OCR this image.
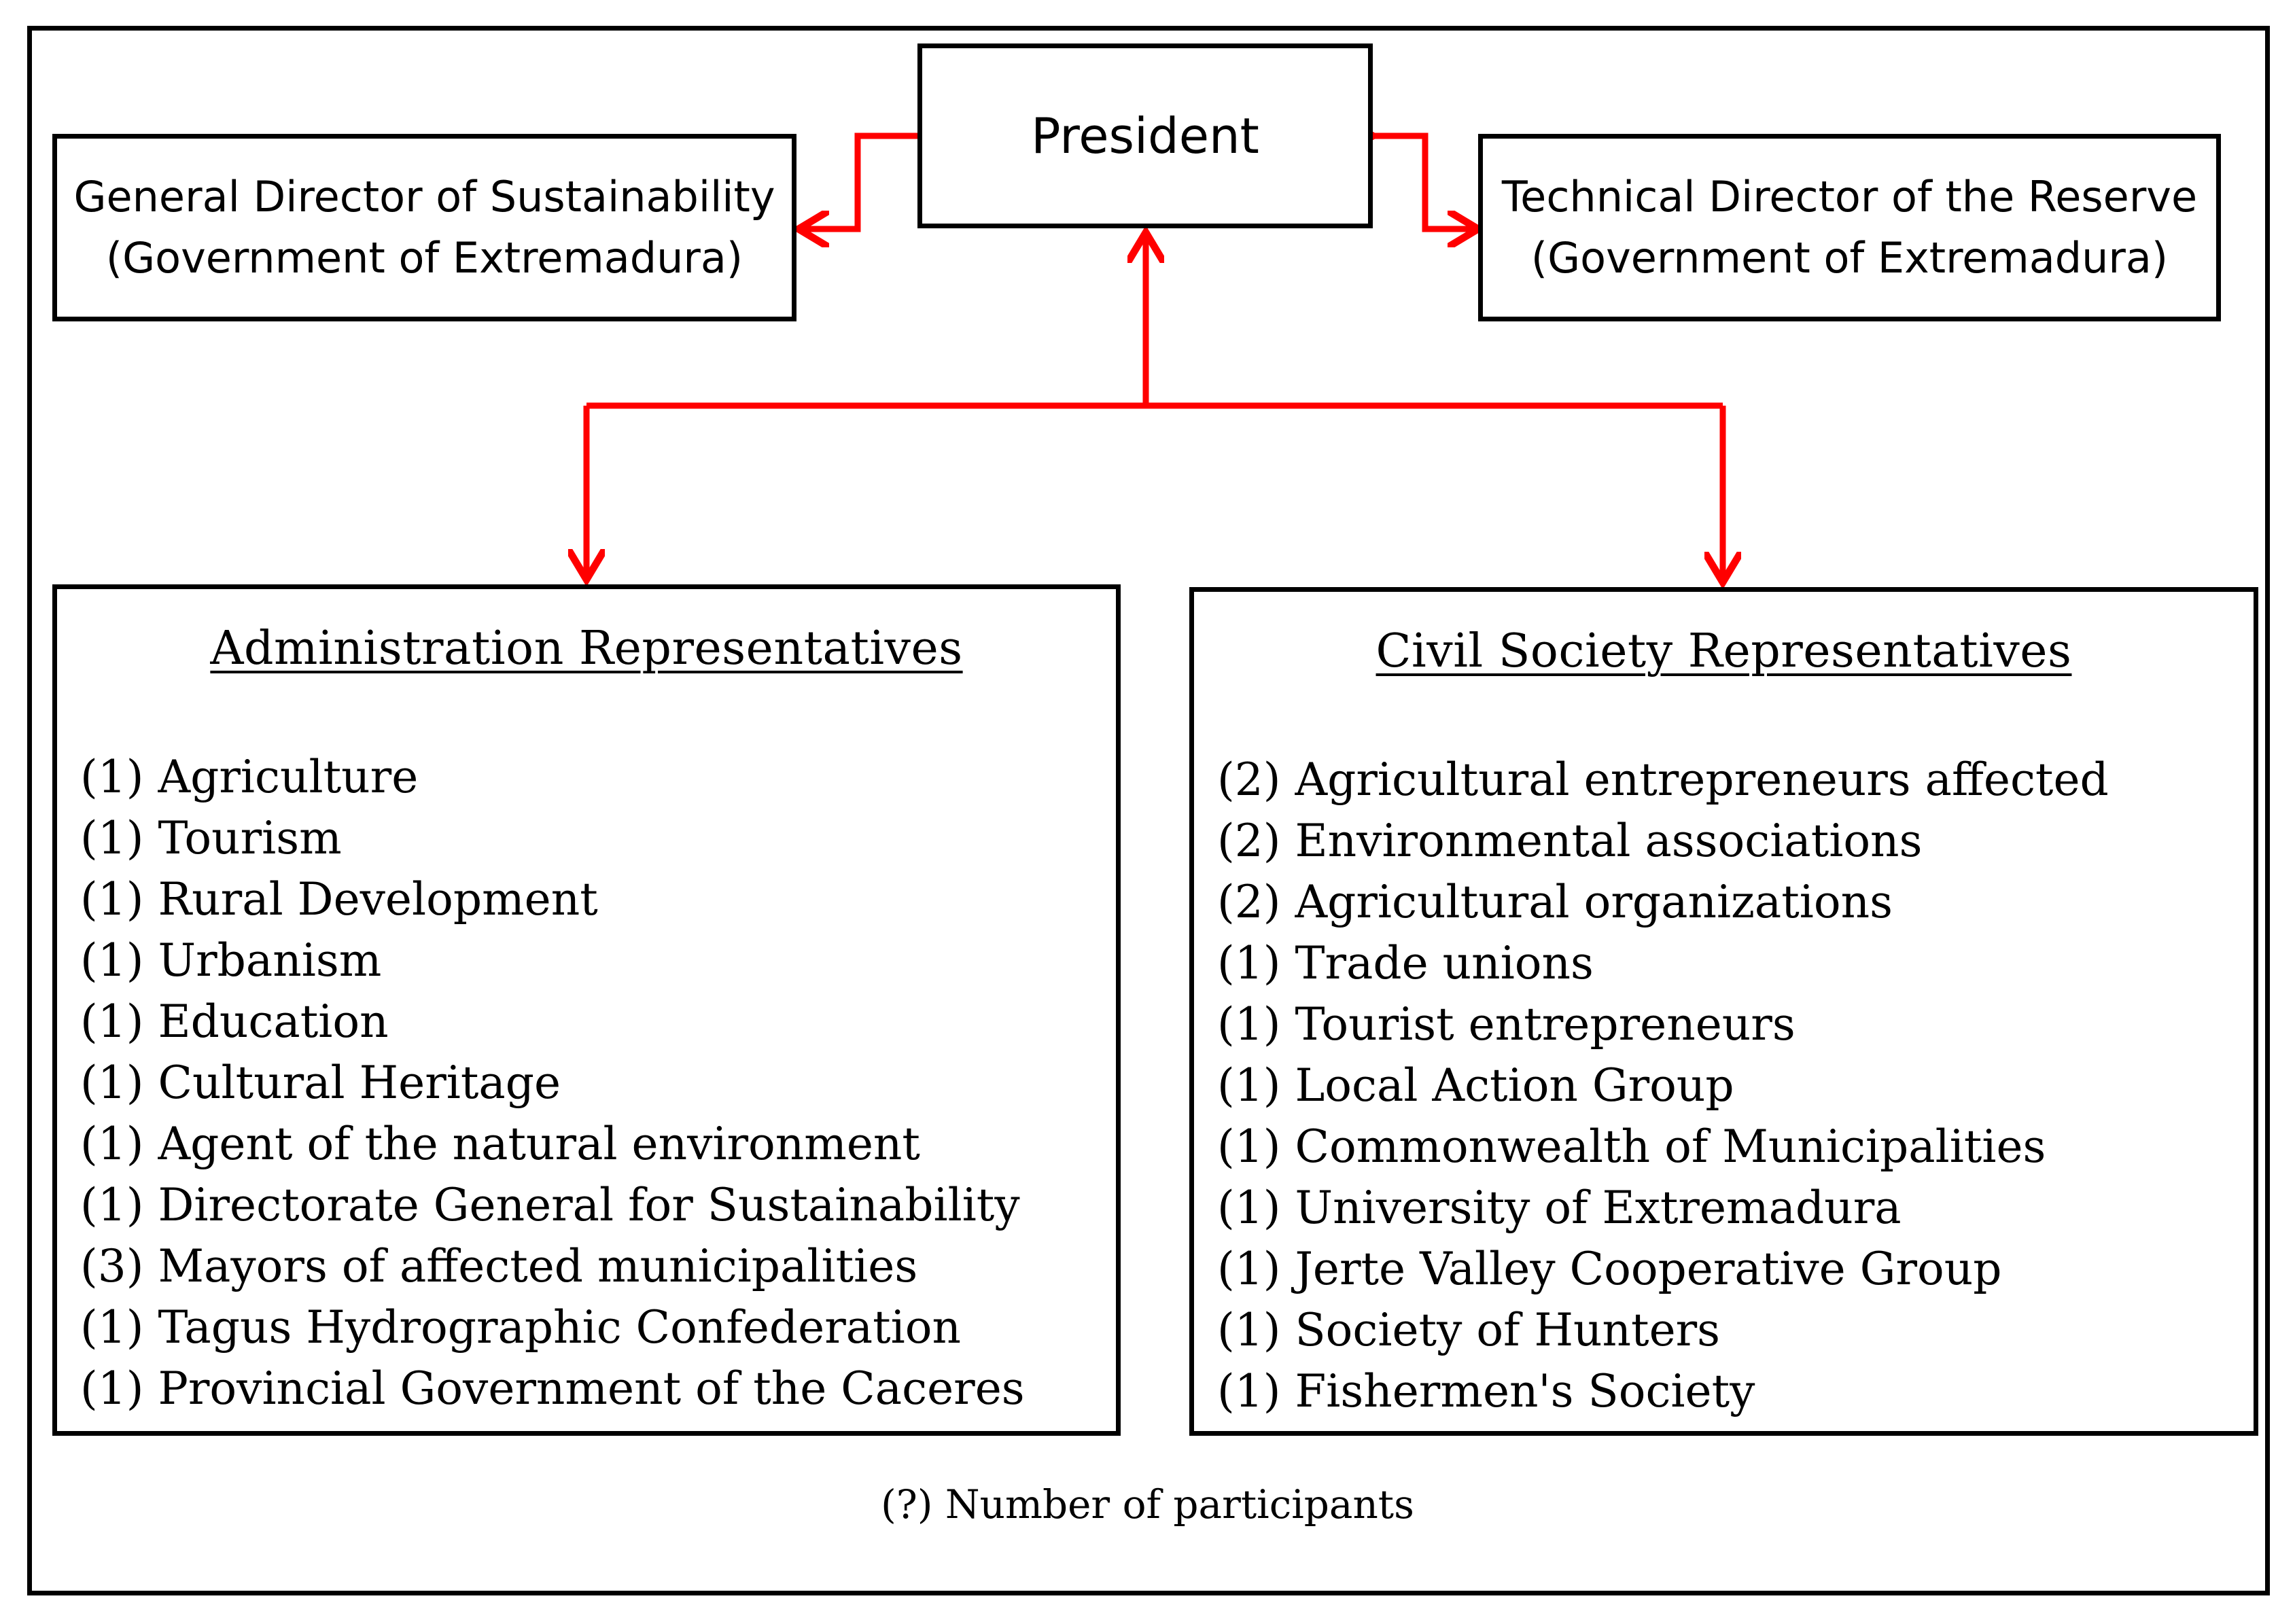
President
General Director of Sustainability
(Government of Extremadura)
Technical Director of the Reserve
(Government of Extremadura)
Administration Representatives
(1) Agriculture
(1) Tourism
(1) Rural Development
(1) Urbanism
(1) Education
(1) Cultural Heritage
(1) Agent of the natural environment
(1) Directorate General for Sustainability
(3) Mayors of affected municipalities
(1) Tagus Hydrographic Confederation
(1) Provincial Government of the Caceres
Civil Society Representatives
(2) Agricultural entrepreneurs affected
(2) Environmental associations
(2) Agricultural organizations
(1) Trade unions
(1) Tourist entrepreneurs
(1) Local Action Group
(1) Commonwealth of Municipalities
(1) University of Extremadura
(1) Jerte Valley Cooperative Group
(1) Society of Hunters
(1) Fishermen's Society
(?) Number of participants
